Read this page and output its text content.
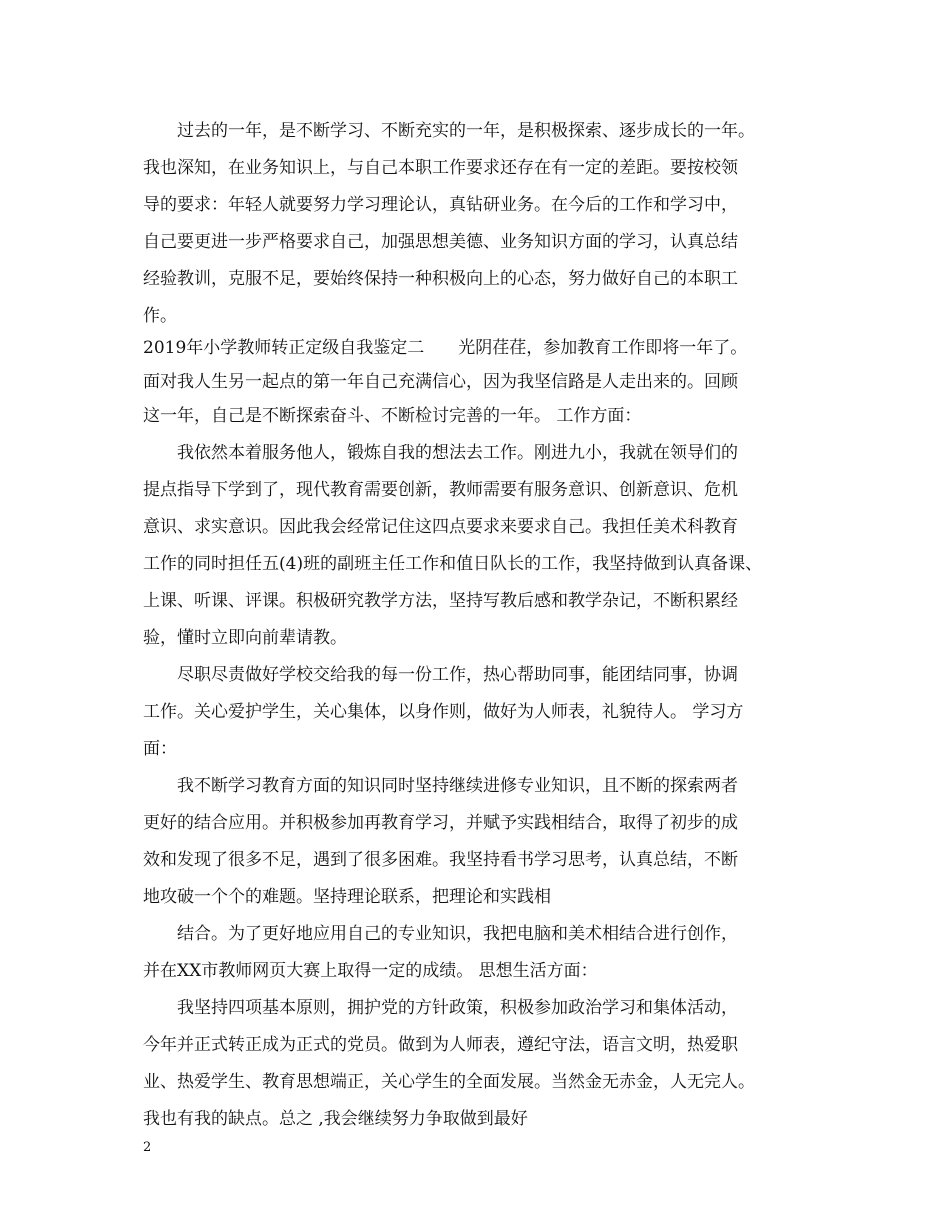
　　过去的一年，是不断学习、不断充实的一年，是积极探索、逐步成长的一年。
我也深知，在业务知识上，与自己本职工作要求还存在有一定的差距。要按校领
导的要求：年轻人就要努力学习理论认，真钻研业务。在今后的工作和学习中，
自己要更进一步严格要求自己，加强思想美德、业务知识方面的学习，认真总结
经验教训，克服不足，要始终保持一种积极向上的心态，努力做好自己的本职工
作。
2019年小学教师转正定级自我鉴定二　　光阴荏荏，参加教育工作即将一年了。
面对我人生另一起点的第一年自己充满信心，因为我坚信路是人走出来的。回顾
这一年，自己是不断探索奋斗、不断检讨完善的一年。 工作方面：
　　我依然本着服务他人，锻炼自我的想法去工作。刚进九小，我就在领导们的
提点指导下学到了，现代教育需要创新，教师需要有服务意识、创新意识、危机
意识、求实意识。因此我会经常记住这四点要求来要求自己。我担任美术科教育
工作的同时担任五(4)班的副班主任工作和值日队长的工作，我坚持做到认真备课、
上课、听课、评课。积极研究教学方法，坚持写教后感和教学杂记，不断积累经
验，懂时立即向前辈请教。
　　尽职尽责做好学校交给我的每一份工作，热心帮助同事，能团结同事，协调
工作。关心爱护学生，关心集体，以身作则，做好为人师表，礼貌待人。 学习方
面：
　　我不断学习教育方面的知识同时坚持继续进修专业知识，且不断的探索两者
更好的结合应用。并积极参加再教育学习，并赋予实践相结合，取得了初步的成
效和发现了很多不足，遇到了很多困难。我坚持看书学习思考，认真总结，不断
地攻破一个个的难题。坚持理论联系，把理论和实践相
　　结合。为了更好地应用自己的专业知识，我把电脑和美术相结合进行创作，
并在XX市教师网页大赛上取得一定的成绩。 思想生活方面：
　　我坚持四项基本原则，拥护党的方针政策，积极参加政治学习和集体活动，
今年并正式转正成为正式的党员。做到为人师表，遵纪守法，语言文明，热爱职
业、热爱学生、教育思想端正，关心学生的全面发展。当然金无赤金，人无完人。
我也有我的缺点。总之 ,我会继续努力争取做到最好
2
